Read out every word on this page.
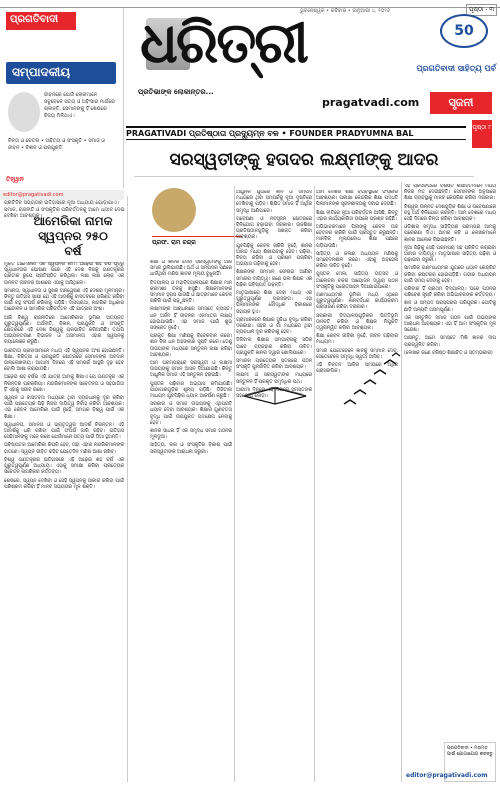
ଭୁବନେଶ୍ୱର • ରବିବାର • ଜାନୁଆରୀ ୪, ୨୦୨୬	ପୃଷ୍ଠା - ୩
ପ୍ରଗତିବାଦୀ
ସମ୍ପାଦକୀୟ
ଜୀବନରେ ଯେଉଁ ଲୋକମାନେ ସବୁବେଳେ ସତ୍ୟ ଓ ଅହିଂସାର ମାର୍ଗରେ ଚାଲନ୍ତି, ସେମାନଙ୍କୁ ହିଁ ଶେଷରେ ବିଜୟ ମିଳିଥାଏ।
ଚିନ୍ତା ଓ ଚେତନା • ସାହିତ୍ୟ ଓ ସଂସ୍କୃତି • ସମାଜ ଓ ଜୀବନ • ବିଜ୍ଞାନ ଓ ପ୍ରଯୁକ୍ତି
ତିହ୍ୱାନ
editor@pragativadi.com
ଧରିତ୍ରୀ
ପ୍ରତିଭାଙ୍କ ଲୋକାନ୍ତର...
pragatvadi.com
50
ପ୍ରଗତିବାଦୀ ସାହିତ୍ୟ ପର୍ବ
ସୃଜନୀ
ପୃଷ୍ଠା ୮
PRAGATIVADI ପ୍ରତିଷ୍ଠାତା ପ୍ରଦ୍ୟୁମ୍ନ ବଳ • FOUNDER PRADYUMNA BAL
ସରସ୍ୱତୀଙ୍କୁ ହତାଦର ଲକ୍ଷ୍ମୀଙ୍କୁ ଆଦର
ପ୍ରତିଦିନ ସଭ୍ୟତାର ଇତିହାସରେ ନୂଆ ଅଧ୍ୟାୟ ଯୋଡ଼ାଯାଏ। ସମାଜ, ରାଜନୀତି ଓ ସଂସ୍କୃତିର ପରିବର୍ତ୍ତନକୁ ଆମେ ଧ୍ୟାନ ଦେଇ ଦେଖିବା ଆବଶ୍ୟକ।
ଆମେରିକା ନାମକ ସ୍ୱପ୍ନର ୨୫୦ ବର୍ଷ

ମୁକ୍ତ ଆମେରିକା ଏକ ସ୍ୱପ୍ନର ନାମ। ଅଢ଼େଇ ଶହ ବର୍ଷ ପୂର୍ବରୁ ସ୍ୱାଧୀନତାର ଘୋଷଣା ପରେ ଏହି ଦେଶ ନିଜକୁ ଗଣତନ୍ତ୍ରର ପ୍ରତୀକ ରୂପେ ପ୍ରତିଷ୍ଠିତ କରିଥିଲା। ଲକ୍ଷ ଲକ୍ଷ ଲୋକ ଏକ ଉନ୍ନତ ଜୀବନର ଆଶାରେ ଏଠାକୁ ଆସିଥିଲେ।

ସମାନତା, ସ୍ୱାଧୀନତା ଓ ସୁଖର ଅନ୍ୱେଷଣ ଏହି ଦେଶର ମୂଳମନ୍ତ୍ର। କିନ୍ତୁ ଇତିହାସ ସାକ୍ଷୀ ଯେ ଏହି ଆଦର୍ଶକୁ ବାସ୍ତବରେ ପରିଣତ କରିବା ପାଇଁ ବହୁ ସଂଘର୍ଷ କରିବାକୁ ପଡ଼ିଛି। ଦାସପ୍ରଥା, ନାଗରିକ ଅଧିକାର ଆନ୍ଦୋଳନ ଓ ସାମାଜିକ ପରିବର୍ତ୍ତନ ଏହି ଯାତ୍ରାର ଅଂଶ।

ଆଜି ବିଶ୍ୱ ରାଜନୀତିରେ ଆମେରିକାର ଭୂମିକା ଅତ୍ୟନ୍ତ ଗୁରୁତ୍ୱପୂର୍ଣ୍ଣ। ଅର୍ଥନୀତି, ବିଜ୍ଞାନ, ପ୍ରଯୁକ୍ତି ଓ ସଂସ୍କୃତି କ୍ଷେତ୍ରରେ ଏହି ଦେଶ ବିଶ୍ୱକୁ ପ୍ରଭାବିତ କରିଆସିଛି। ତଥାପି ଆଭ୍ୟନ୍ତରୀଣ ବିଭାଜନ ଓ ଅସମାନତା ଏହାର ସ୍ୱପ୍ନକୁ ଚ୍ୟାଲେଞ୍ଜ କରୁଛି।

ଭାରତୀୟ ପ୍ରବାସୀମାନେ ମଧ୍ୟ ଏହି ସ୍ୱପ୍ନର ଅଂଶ ହୋଇଛନ୍ତି। ଶିକ୍ଷା, ଚିକିତ୍ସା ଓ ପ୍ରଯୁକ୍ତି କ୍ଷେତ୍ରରେ ସେମାନଙ୍କ ଅବଦାନ ଉଲ୍ଲେଖନୀୟ। ଆଗାମୀ ଦିନରେ ଏହି ସମ୍ପର୍କ ଆହୁରି ଦୃଢ଼ ହେବ ବୋଲି ଆଶା କରାଯାଉଛି।

ଅଢ଼େଇ ଶହ ବର୍ଷର ଏହି ଯାତ୍ରା ଆମକୁ ଶିଖାଏ ଯେ ଗଣତନ୍ତ୍ର ଏକ ନିରନ୍ତର ପ୍ରକ୍ରିୟା। ନାଗରିକମାନଙ୍କ ସଚେତନତା ଓ ସହଭାଗିତା ହିଁ ଏହାକୁ ସଜୀବ ରଖେ।

ସ୍ୱପ୍ନ ଓ ବାସ୍ତବତା ମଧ୍ୟରେ ଥିବା ବ୍ୟବଧାନକୁ ଦୂର କରିବା ପାଇଁ ପ୍ରତ୍ୟେକ ପିଢ଼ି ନିଜର ଦାୟିତ୍ୱ ନିର୍ବାହ କରିବା ଆବଶ୍ୟକ। ଏହା କେବଳ ଆମେରିକା ପାଇଁ ନୁହେଁ, ସମଗ୍ର ବିଶ୍ୱ ପାଇଁ ଏକ ଶିକ୍ଷା।

ସ୍ୱାଧୀନତା, ସମାନତା ଓ ଭ୍ରାତୃତ୍ୱର ଆଦର୍ଶ ଚିରନ୍ତନ। ଏହି ଆଦର୍ଶକୁ ଧରି ରଖିବା ପାଇଁ ସଂଘର୍ଷ ଜାରି ରହିବ। ଇତିହାସ ସେହିମାନଙ୍କୁ ମନେ ରଖେ ଯେଉଁମାନେ ସତ୍ୟ ପାଇଁ ଠିଆ ହୁଅନ୍ତି।

ଭବିଷ୍ୟତର ଆମେରିକା କିପରି ହେବ, ତାହା ଏହାର ନାଗରିକମାନଙ୍କ ହାତରେ। ସ୍ୱପ୍ନ ଜୀବିତ ରହିବ ଯେତେଦିନ ମଣିଷ ଆଶା ରଖିବ।

ବିଶ୍ୱ ଗଣତନ୍ତ୍ରର ଇତିହାସରେ ଏହି ଅଢ଼େଇ ଶହ ବର୍ଷ ଏକ ଗୁରୁତ୍ୱପୂର୍ଣ୍ଣ ଅଧ୍ୟାୟ। ଏହାକୁ ସମୀକ୍ଷା କରିବା ପ୍ରତ୍ୟେକ ସଚେତନ ନାଗରିକର କର୍ତ୍ତବ୍ୟ।

ଶେଷରେ, ସ୍ୱପ୍ନ ଦେଖିବା ଓ ସେହି ସ୍ୱପ୍ନକୁ ସାକାର କରିବା ପାଇଁ ପରିଶ୍ରମ କରିବା ହିଁ ମାନବ ସଭ୍ୟତାର ମୂଳ ଶକ୍ତି।

ପ୍ରଫ. ରାମ ଚନ୍ଦ୍ର

ଶିକ୍ଷା ଓ ଜ୍ଞାନର ଦେବୀ ସରସ୍ୱତୀଙ୍କୁ ଆଜି ସମାଜ ଭୁଲିଯାଉଛି। ଅର୍ଥ ଓ ସମ୍ପଦର ପଛରେ ଧାଉଁଥିବା ମଣିଷ ଜ୍ଞାନର ମୂଲ୍ୟ ବୁଝୁନାହିଁ।

ବିଦ୍ୟାଳୟ ଓ ମହାବିଦ୍ୟାଳୟରେ ଶିକ୍ଷାର ମାନ କ୍ରମଶଃ ତଳକୁ ଖସୁଛି। ଶିକ୍ଷକମାନଙ୍କ ସମ୍ମାନ ହ୍ରାସ ପାଉଛି ଓ ଛାତ୍ରମାନେ କେବଳ ଚାକିରି ପାଇଁ ପଢ଼ୁଛନ୍ତି।

ଲକ୍ଷ୍ମୀଙ୍କ ଆରାଧନାରେ ସମସ୍ତେ ବ୍ୟସ୍ତ। ଧନ ଅର୍ଜନ ହିଁ ଜୀବନର ଏକମାତ୍ର ଲକ୍ଷ୍ୟ ହୋଇଯାଇଛି। ଏହା ସମାଜ ପାଇଁ ଶୁଭ ସଙ୍କେତ ନୁହେଁ।

ପ୍ରକୃତ ଶିକ୍ଷା ମଣିଷକୁ ବିବେକବାନ କରେ। ଜ୍ଞାନ ବିନା ଧନ ଅହଙ୍କାର ସୃଷ୍ଟି କରେ। ତେଣୁ ଉଭୟଙ୍କ ମଧ୍ୟରେ ସନ୍ତୁଳନ ରକ୍ଷା କରିବା ଆବଶ୍ୟକ।

ଆମ ପରମ୍ପରାରେ ସରସ୍ୱତୀ ଓ ଲକ୍ଷ୍ମୀ ଉଭୟଙ୍କୁ ସମାନ ଆସନ ଦିଆଯାଇଛି। କିନ୍ତୁ ଆଧୁନିକ ସମାଜ ଏହି ସନ୍ତୁଳନ ହରାଇଛି।

ପୁସ୍ତକ ପଢ଼ିବାର ଅଭ୍ୟାସ କମିଯାଉଛି। ପାଠାଗାରଗୁଡ଼ିକ ଶୂନ୍ୟ ପଡ଼ିଛି। ଡିଜିଟାଲ ମାଧ୍ୟମ ଯୁବପିଢ଼ିର ଧ୍ୟାନ ଆକର୍ଷଣ କରୁଛି।

ସରକାର ଓ ସମାଜ ଉଭୟଙ୍କୁ ଏଥିପ୍ରତି ଧ୍ୟାନ ଦେବା ଆବଶ୍ୟକ। ଶିକ୍ଷାର ଗୁଣବତ୍ତା ବୃଦ୍ଧି ପାଇଁ ଉପଯୁକ୍ତ ପଦକ୍ଷେପ ନେବାକୁ ହେବ।

ଜ୍ଞାନର ସାଧନା ହିଁ ଏକ ସମୃଦ୍ଧ ସମାଜ ଗଠନର ମୂଳଦୁଆ।

ସାହିତ୍ୟ, କଳା ଓ ସଂସ୍କୃତିର ବିକାଶ ପାଇଁ ସରସ୍ୱତୀଙ୍କ ଆରାଧନା ଜରୁରୀ।

ଆଧୁନିକ ଯୁଗରେ ଜ୍ଞାନ ଓ ସମ୍ପଦ ମଧ୍ୟରେ ଥିବା ସମ୍ପର୍କକୁ ନୂଆ ଦୃଷ୍ଟିରେ ଦେଖିବାକୁ ପଡ଼ିବ। ଶିକ୍ଷିତ ସମାଜ ହିଁ ଆର୍ଥିକ ସମୃଦ୍ଧି ଆଣିପାରେ।

ଗବେଷଣା ଓ ନବସୃଜନ କ୍ଷେତ୍ରରେ ବିନିଯୋଗ ବଢ଼ାଇବା ଦରକାର। ଉଚ୍ଚଶିକ୍ଷା ପ୍ରତିଷ୍ଠାନଗୁଡ଼ିକୁ ସଶକ୍ତ କରିବା ଆବଶ୍ୟକ।

ଯୁବପିଢ଼ିକୁ କେବଳ ଚାକିରି ନୁହେଁ, ଜ୍ଞାନର ଆନନ୍ଦ ମଧ୍ୟ ଶିଖାଇବାକୁ ହେବ। ପଢ଼ିବା, ଚିନ୍ତା କରିବା ଓ ପ୍ରଶ୍ନ ପଚାରିବା ଅଭ୍ୟାସ ଗଢ଼ିବାକୁ ହେବ।

ଶିକ୍ଷକଙ୍କ ସମ୍ମାନ ଫେରାଇ ଆଣିବା ସମାଜର ଦାୟିତ୍ୱ। ଜଣେ ଭଲ ଶିକ୍ଷକ ଏକ ପିଢ଼ିର ଭବିଷ୍ୟତ ଗଢ଼ନ୍ତି।

ମାତୃଭାଷାରେ ଶିକ୍ଷା ଦେବା ମଧ୍ୟ ଏକ ଗୁରୁତ୍ୱପୂର୍ଣ୍ଣ ପ୍ରସଙ୍ଗ। ଏହା ପିଲାମାନଙ୍କ ବୌଦ୍ଧିକ ବିକାଶରେ ସହାୟକ ହୁଏ।

ଗ୍ରାମାଞ୍ଚଳରେ ଶିକ୍ଷାର ସୁବିଧା ବୃଦ୍ଧି କରିବା ଦରକାର। ସହର ଓ ଗାଁ ମଧ୍ୟରେ ଥିବା ବ୍ୟବଧାନ ଦୂର କରିବାକୁ ହେବ।

ଡିଜିଟାଲ ଶିକ୍ଷାର ସମ୍ଭାବନାକୁ ସଠିକ ଭାବେ ବ୍ୟବହାର କରିବା ଉଚିତ। ପ୍ରଯୁକ୍ତି ଜ୍ଞାନର ଦ୍ୱାର ଖୋଲିପାରେ।

ସମାଜର ପ୍ରତ୍ୟେକ ସ୍ତରରେ ପଠନ ସଂସ୍କୃତି ପୁନର୍ଜୀବିତ କରିବା ଆବଶ୍ୟକ।

ଲକ୍ଷ୍ମୀ ଓ ସରସ୍ୱତୀଙ୍କ ମଧ୍ୟରେ ସନ୍ତୁଳନ ହିଁ ପ୍ରକୃତ ସମୃଦ୍ଧିର ପଥ।

ଆଗାମୀ ଦିନରେ ଏହି ଦିଗରେ ସମସ୍ତଙ୍କ ସହଯୋଗ ଲୋଡ଼ା।

ଆମ ଦେଶର ଶିକ୍ଷା ବ୍ୟବସ୍ଥାରେ ସଂସ୍କାର ଆବଶ୍ୟକ। ପରୀକ୍ଷା କେନ୍ଦ୍ରିକ ଶିକ୍ଷା ପଦ୍ଧତି ପିଲାମାନଙ୍କ ସୃଜନଶୀଳତାକୁ ଦବାଇ ଦେଉଛି।

ଶିକ୍ଷା ନୀତିରେ ନୂଆ ପରିବର୍ତ୍ତନ ଆସିଛି, କିନ୍ତୁ ଏହାର କାର୍ଯ୍ୟକାରିତା ଉପରେ ପ୍ରଶ୍ନ ରହିଛି।

ଅଭିଭାବକମାନେ ପିଲାଙ୍କୁ କେବଳ ଉଚ୍ଚ ବେତନର ଚାକିରି ପାଇଁ ପ୍ରସ୍ତୁତ କରୁଛନ୍ତି। ମାନବିକ ମୂଲ୍ୟବୋଧ ଶିକ୍ଷା ପଛରେ ପଡ଼ିଯାଉଛି।

ସାହିତ୍ୟ ଓ କଳାର ଅଧ୍ୟୟନ ମଣିଷକୁ ସମ୍ବେଦନଶୀଳ କରେ। ଏହାକୁ ଅବହେଳା କରିବା ଉଚିତ ନୁହେଁ।

ପୁସ୍ତକ ମେଳା, ସାହିତ୍ୟ ଉତ୍ସବ ଓ ଆଲୋଚନା ଚକ୍ର ଆୟୋଜନ ଦ୍ୱାରା ପଠନ ସଂସ୍କୃତିକୁ ପ୍ରୋତ୍ସାହନ ଦିଆଯାଇପାରେ।

ଗଣମାଧ୍ୟମର ଭୂମିକା ମଧ୍ୟ ଏଥିରେ ଗୁରୁତ୍ୱପୂର୍ଣ୍ଣ। ଜ୍ଞାନବର୍ଦ୍ଧକ କାର୍ଯ୍ୟକ୍ରମ ପ୍ରସାରଣ କରିବା ଦରକାର।

ସରକାରୀ ବିଦ୍ୟାଳୟଗୁଡ଼ିକର ଭିତ୍ତିଭୂମି ଉନ୍ନତି କରିବା ଓ ଶିକ୍ଷକ ନିଯୁକ୍ତି ତ୍ୱରାନ୍ୱିତ କରିବା ଆବଶ୍ୟକ।

ଶିକ୍ଷା କେବଳ ଜୀବିକା ନୁହେଁ, ଜୀବନ ଗଢ଼ିବାର ମାଧ୍ୟମ।

ସମାଜ ଯେତେବେଳେ ଜ୍ଞାନକୁ ସମ୍ମାନ ଦେବ, ସେତେବେଳେ ସମୃଦ୍ଧି ସ୍ୱତଃ ଆସିବ।

ଏହି ଚିନ୍ତନ ଆଜିର ସମୟରେ ଅଧିକ ପ୍ରାସଙ୍ଗିକ।

ଏହି ପ୍ରସଙ୍ଗରେ ବିଶିଷ୍ଟ ଶିକ୍ଷାବିତମାନେ ମଧ୍ୟ ନିଜର ମତ ଦେଇଛନ୍ତି। ସେମାନଙ୍କ ଅନୁସାରେ ଶିକ୍ଷା ବ୍ୟବସ୍ଥାକୁ ମାନବ କେନ୍ଦ୍ରିକ କରିବା ଦରକାର।

ବିଶ୍ୱର ଉନ୍ନତ ଦେଶଗୁଡ଼ିକ ଶିକ୍ଷା ଓ ଗବେଷଣାରେ ବହୁ ଅର୍ଥ ବିନିଯୋଗ କରନ୍ତି। ଆମ ଦେଶରେ ମଧ୍ୟ ସେହି ଦିଗରେ ଚିନ୍ତା କରିବା ଆବଶ୍ୟକ।

ଓଡ଼ିଶାର ସମୃଦ୍ଧ ସାହିତ୍ୟିକ ପରମ୍ପରା ଆମକୁ ପ୍ରେରଣା ଦିଏ। ଆମର କବି ଓ ଲେଖକମାନେ ଜ୍ଞାନର ଆଲୋକ ବିଛାଇଛନ୍ତି।

ନୂଆ ପିଢ଼ିକୁ ସେହି ପରମ୍ପରା ସହ ପରିଚିତ କରାଇବା ଆମର ଦାୟିତ୍ୱ। ମାତୃଭାଷାର ସାହିତ୍ୟ ପଢ଼ିବା ଓ ପଢ଼ାଇବା ଜରୁରୀ।

ସାମାଜିକ ଗଣମାଧ୍ୟମର ଯୁଗରେ ଧ୍ୟାନ କେନ୍ଦ୍ରିତ କରିବା କଷ୍ଟକର ହୋଇପଡ଼ିଛି। ଗଭୀର ଅଧ୍ୟୟନ ପାଇଁ ସମୟ ଦେବାକୁ ହେବ।

ପରିବାର ହିଁ ପ୍ରଥମ ବିଦ୍ୟାଳୟ। ଘରେ ପଠନର ପରିବେଶ ସୃଷ୍ଟି କରିବା ଅଭିଭାବକଙ୍କ କର୍ତ୍ତବ୍ୟ।

ଜ୍ଞାନ ଓ ସମ୍ପଦ ପରସ୍ପରର ପରିପୂରକ। ଗୋଟିକୁ ଛାଡ଼ି ଅନ୍ୟଟି ଅସମ୍ପୂର୍ଣ୍ଣ।

ଏକ ସନ୍ତୁଳିତ ସମାଜ ଗଠନ ପାଇଁ ଉଭୟଙ୍କ ଆରାଧନା ଆବଶ୍ୟକ। ଏହା ହିଁ ଆମ ସଂସ୍କୃତିର ମୂଳ ସନ୍ଦେଶ।

ଆସନ୍ତୁ, ଆମେ ସମସ୍ତେ ମିଶି ଜ୍ଞାନର ଦୀପ ପ୍ରଜ୍ୱଳିତ କରିବା।

(ଲେଖକ ଜଣେ ବରିଷ୍ଠ ଶିକ୍ଷାବିତ୍ ଓ ସ୍ତମ୍ଭକାର)

ପ୍ରଗତିବାଦୀ • ମତାମତ ପାଇଁ ଯୋଗାଯୋଗ କରନ୍ତୁ
editor@pragativadi.com
